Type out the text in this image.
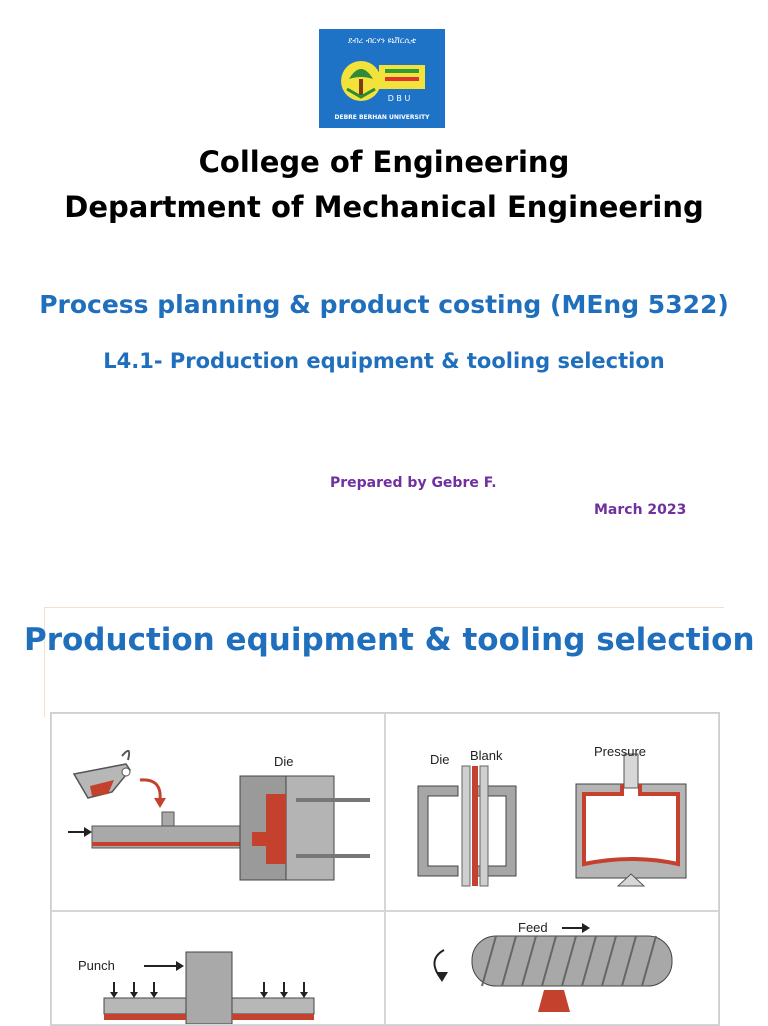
ደብረ ብርሃን ዩኒቨርሲቲ
D B U
DEBRE BERHAN UNIVERSITY
College of Engineering
Department of Mechanical Engineering
Process planning & product costing (MEng 5322)
L4.1- Production equipment & tooling selection
Prepared by Gebre F.
March 2023
Production equipment & tooling selection
Die	Die Blank	Pressure
Punch
Feed
